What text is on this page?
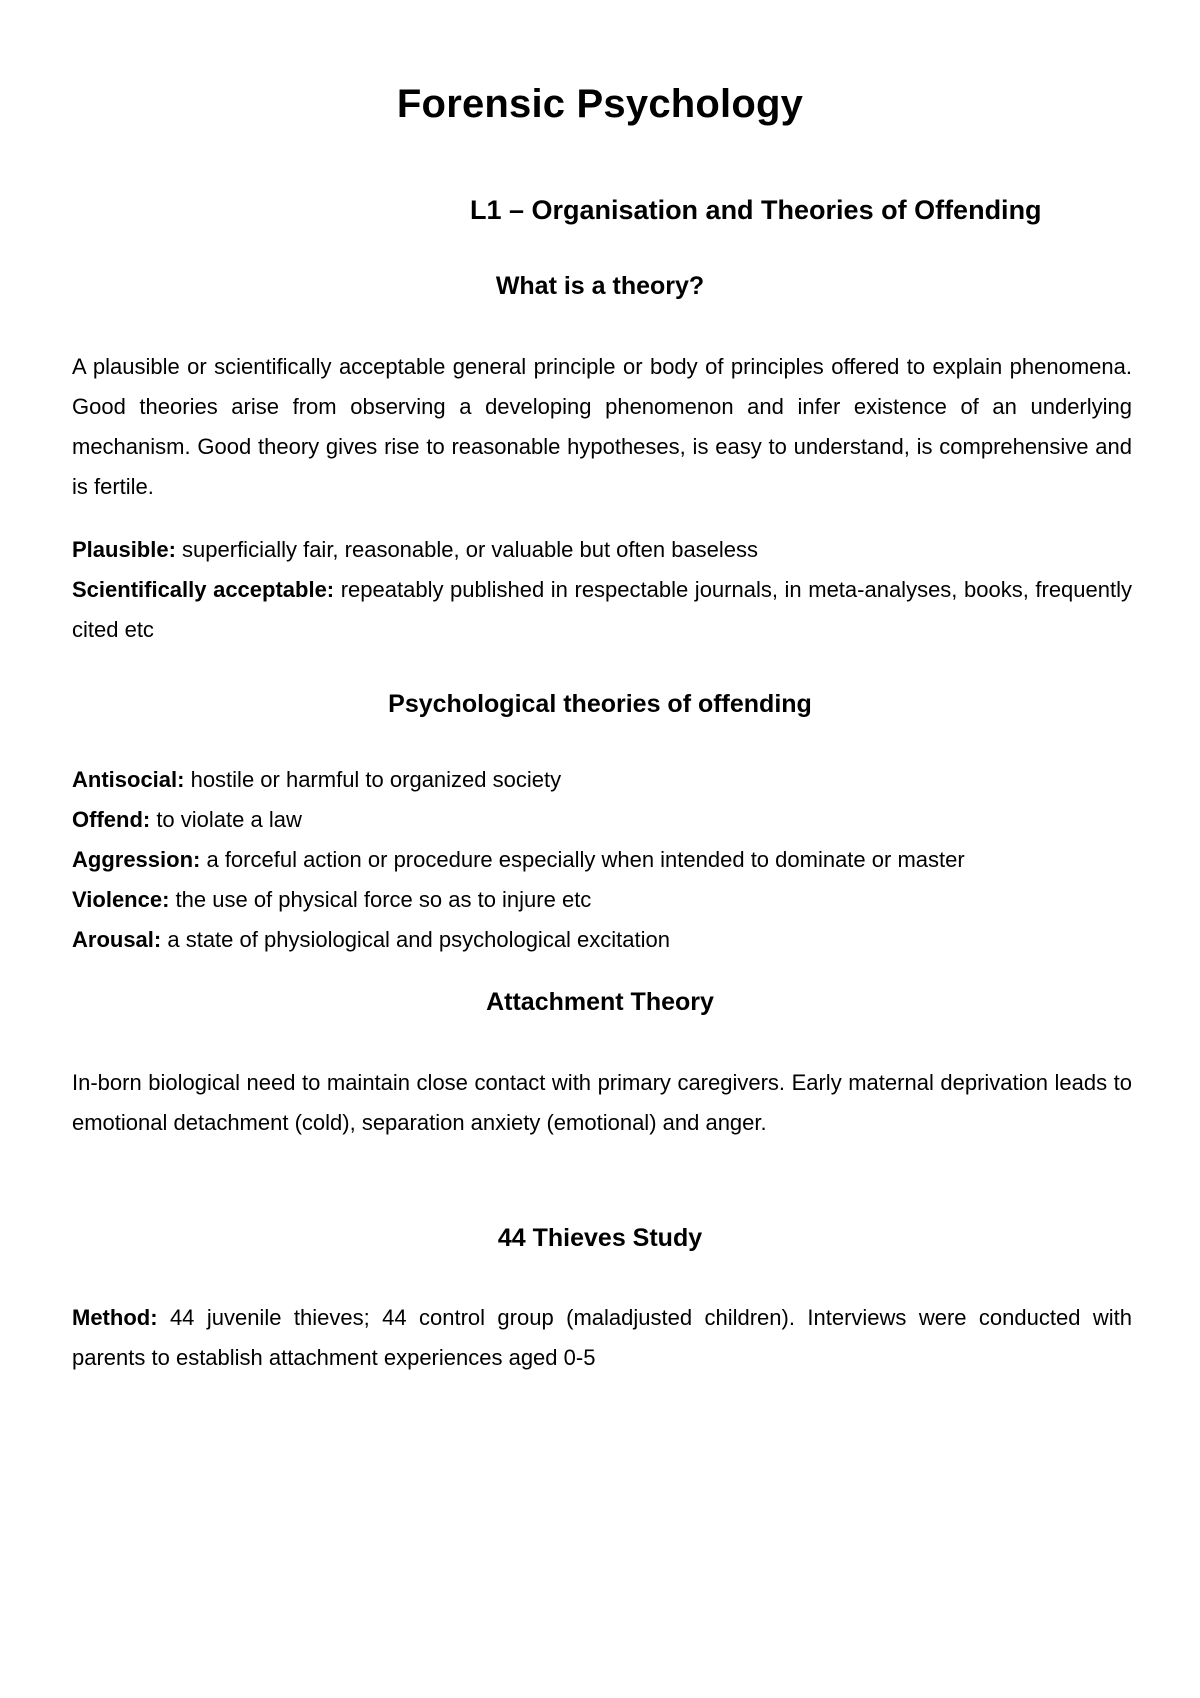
Forensic Psychology
L1 – Organisation and Theories of Offending
What is a theory?
A plausible or scientifically acceptable general principle or body of principles offered to explain phenomena. Good theories arise from observing a developing phenomenon and infer existence of an underlying mechanism. Good theory gives rise to reasonable hypotheses, is easy to understand, is comprehensive and is fertile.
Plausible: superficially fair, reasonable, or valuable but often baseless
Scientifically acceptable: repeatably published in respectable journals, in meta-analyses, books, frequently cited etc
Psychological theories of offending
Antisocial: hostile or harmful to organized society
Offend: to violate a law
Aggression: a forceful action or procedure especially when intended to dominate or master
Violence: the use of physical force so as to injure etc
Arousal: a state of physiological and psychological excitation
Attachment Theory
In-born biological need to maintain close contact with primary caregivers. Early maternal deprivation leads to emotional detachment (cold), separation anxiety (emotional) and anger.
44 Thieves Study
Method: 44 juvenile thieves; 44 control group (maladjusted children). Interviews were conducted with parents to establish attachment experiences aged 0-5
